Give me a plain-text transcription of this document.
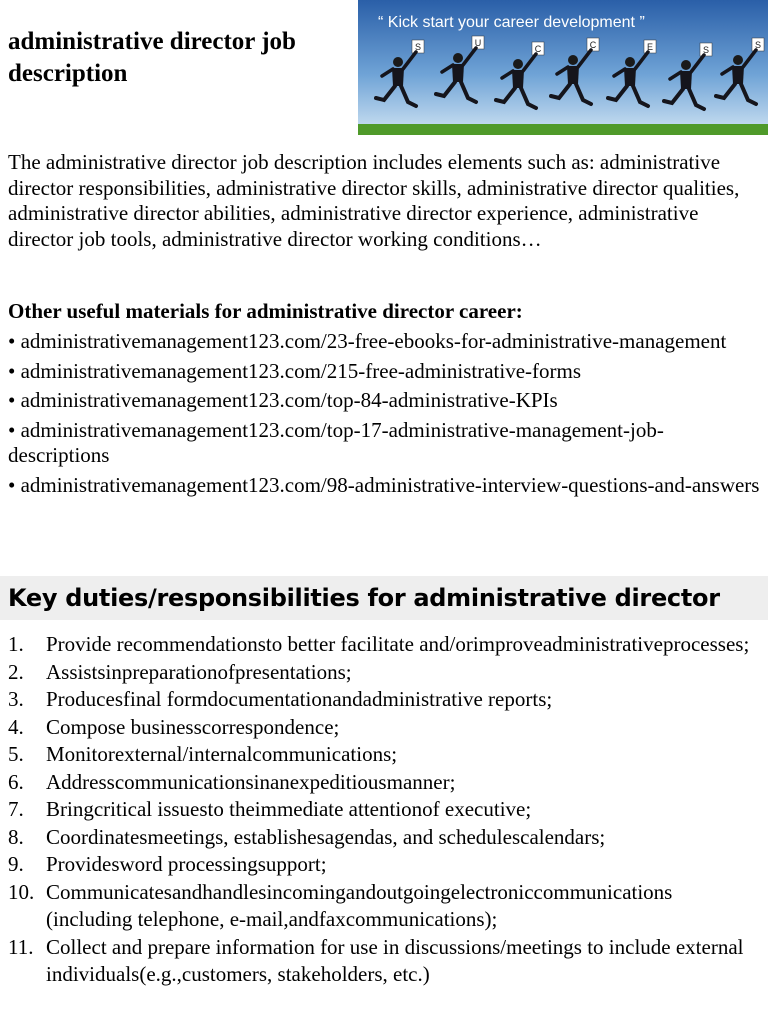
administrative director job description
“ Kick start your career development ”
S	U
C	C	E	S	S

The administrative director job description includes elements such as: administrative director responsibilities, administrative director skills, administrative director qualities, administrative director abilities, administrative director experience, administrative director job tools, administrative director working conditions…

Other useful materials for administrative director career:
• administrativemanagement123.com/23-free-ebooks-for-administrative-management
• administrativemanagement123.com/215-free-administrative-forms
• administrativemanagement123.com/top-84-administrative-KPIs
• administrativemanagement123.com/top-17-administrative-management-job-descriptions
• administrativemanagement123.com/98-administrative-interview-questions-and-answers
Key duties/responsibilities for administrative director
1.	Provide recommendationsto better facilitate and/orimproveadministrativeprocesses;
2.	Assistsinpreparationofpresentations;
3.	Producesfinal formdocumentationandadministrative reports;
4.	Compose businesscorrespondence;
5.	Monitorexternal/internalcommunications;
6.	Addresscommunicationsinanexpeditiousmanner;
7.	Bringcritical issuesto theimmediate attentionof executive;
8.	Coordinatesmeetings, establishesagendas, and schedulescalendars;
9.	Providesword processingsupport;
10. Communicatesandhandlesincomingandoutgoingelectroniccommunications (including telephone, e-mail,andfaxcommunications);
11. Collect and prepare information for use in discussions/meetings to include external individuals(e.g.,customers, stakeholders, etc.)
